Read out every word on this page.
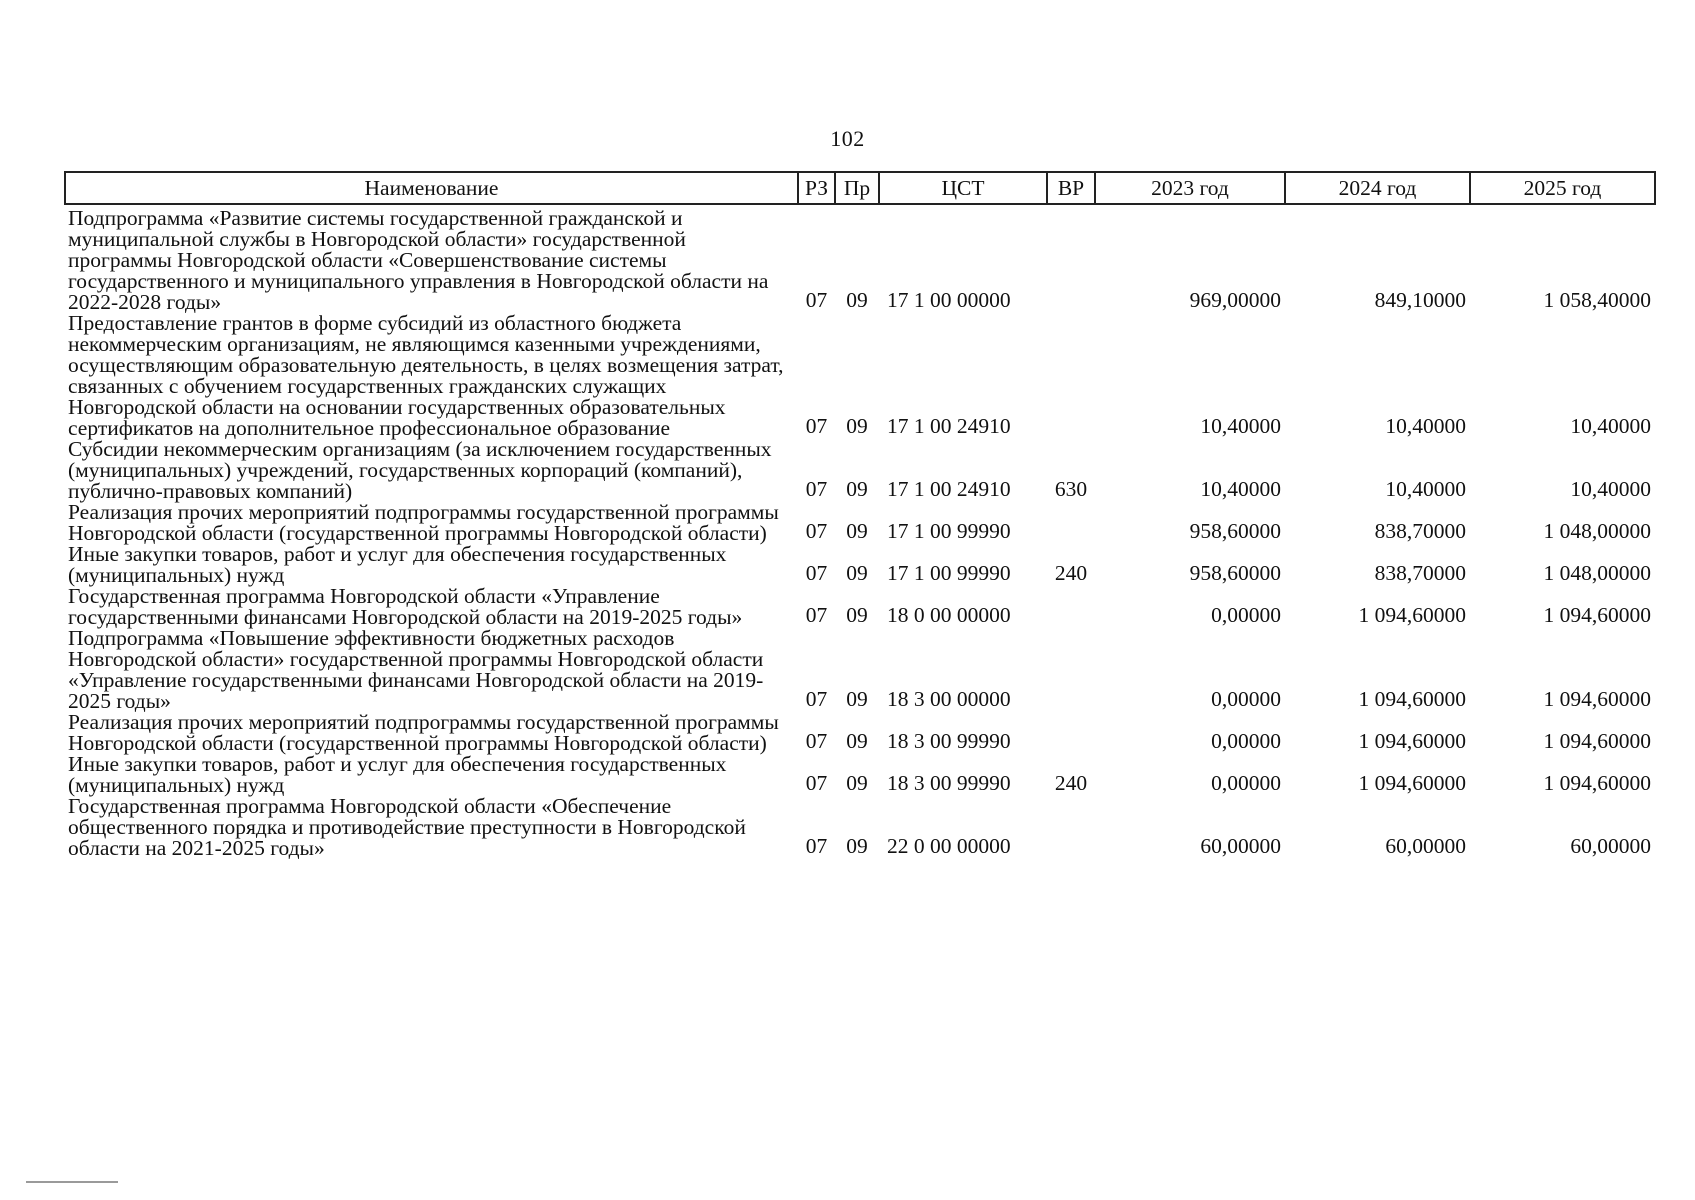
102
Наименование	РЗ	Пр	ЦСТ	ВР	2023 год	2024 год	2025 год
Подпрограмма «Развитие системы государственной гражданской и муниципальной службы в Новгородской области» государственной программы Новгородской области «Совершенствование системы государственного и муниципального управления в Новгородской области на 2022-2028 годы»	07	09	17 1 00 00000		969,00000	849,10000	1 058,40000
Предоставление грантов в форме субсидий из областного бюджета некоммерческим организациям, не являющимся казенными учреждениями, осуществляющим образовательную деятельность, в целях возмещения затрат, связанных с обучением государственных гражданских служащих Новгородской области на основании государственных образовательных сертификатов на дополнительное профессиональное образование	07	09	17 1 00 24910		10,40000	10,40000	10,40000
Субсидии некоммерческим организациям (за исключением государственных (муниципальных) учреждений, государственных корпораций (компаний), публично-правовых компаний)	07	09	17 1 00 24910	630	10,40000	10,40000	10,40000
Реализация прочих мероприятий подпрограммы государственной программы Новгородской области (государственной программы Новгородской области)	07	09	17 1 00 99990		958,60000	838,70000	1 048,00000
Иные закупки товаров, работ и услуг для обеспечения государственных (муниципальных) нужд	07	09	17 1 00 99990	240	958,60000	838,70000	1 048,00000
Государственная программа Новгородской области «Управление государственными финансами Новгородской области на 2019-2025 годы»	07	09	18 0 00 00000		0,00000	1 094,60000	1 094,60000
Подпрограмма «Повышение эффективности бюджетных расходов Новгородской области» государственной программы Новгородской области «Управление государственными финансами Новгородской области на 2019-2025 годы»	07	09	18 3 00 00000		0,00000	1 094,60000	1 094,60000
Реализация прочих мероприятий подпрограммы государственной программы Новгородской области (государственной программы Новгородской области)	07	09	18 3 00 99990		0,00000	1 094,60000	1 094,60000
Иные закупки товаров, работ и услуг для обеспечения государственных (муниципальных) нужд	07	09	18 3 00 99990	240	0,00000	1 094,60000	1 094,60000
Государственная программа Новгородской области «Обеспечение общественного порядка и противодействие преступности в Новгородской области на 2021-2025 годы»	07	09	22 0 00 00000		60,00000	60,00000	60,00000
